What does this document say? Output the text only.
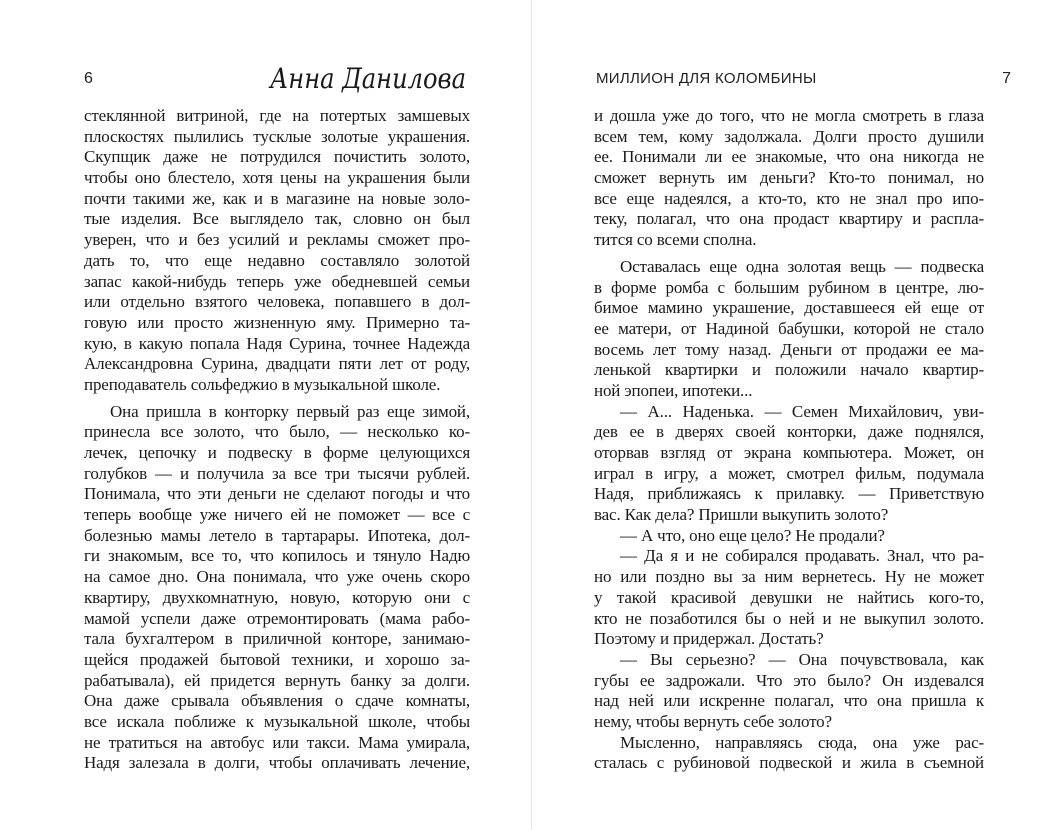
6	Анна Данилова
стеклянной витриной, где на потертых замшевых
плоскостях пылились тусклые золотые украшения.
Скупщик даже не потрудился почистить золото,
чтобы оно блестело, хотя цены на украшения были
почти такими же, как и в магазине на новые золо-
тые изделия. Все выглядело так, словно он был
уверен, что и без усилий и рекламы сможет про-
дать то, что еще недавно составляло золотой
запас какой-нибудь теперь уже обедневшей семьи
или отдельно взятого человека, попавшего в дол-
говую или просто жизненную яму. Примерно та-
кую, в какую попала Надя Сурина, точнее Надежда
Александровна Сурина, двадцати пяти лет от роду,
преподаватель сольфеджио в музыкальной школе.
Она пришла в конторку первый раз еще зимой,
принесла все золото, что было, — несколько ко-
лечек, цепочку и подвеску в форме целующихся
голубков — и получила за все три тысячи рублей.
Понимала, что эти деньги не сделают погоды и что
теперь вообще уже ничего ей не поможет — все с
болезнью мамы летело в тартарары. Ипотека, дол-
ги знакомым, все то, что копилось и тянуло Надю
на самое дно. Она понимала, что уже очень скоро
квартиру, двухкомнатную, новую, которую они с
мамой успели даже отремонтировать (мама рабо-
тала бухгалтером в приличной конторе, занимаю-
щейся продажей бытовой техники, и хорошо за-
рабатывала), ей придется вернуть банку за долги.
Она даже срывала объявления о сдаче комнаты,
все искала поближе к музыкальной школе, чтобы
не тратиться на автобус или такси. Мама умирала,
Надя залезала в долги, чтобы оплачивать лечение,
МИЛЛИОН ДЛЯ КОЛОМБИНЫ	7
и дошла уже до того, что не могла смотреть в глаза
всем тем, кому задолжала. Долги просто душили
ее. Понимали ли ее знакомые, что она никогда не
сможет вернуть им деньги? Кто-то понимал, но
все еще надеялся, а кто-то, кто не знал про ипо-
теку, полагал, что она продаст квартиру и распла-
тится со всеми сполна.
Оставалась еще одна золотая вещь — подвеска
в форме ромба с большим рубином в центре, лю-
бимое мамино украшение, доставшееся ей еще от
ее матери, от Надиной бабушки, которой не стало
восемь лет тому назад. Деньги от продажи ее ма-
ленькой квартирки и положили начало квартир-
ной эпопеи, ипотеки...
— А... Наденька. — Семен Михайлович, уви-
дев ее в дверях своей конторки, даже поднялся,
оторвав взгляд от экрана компьютера. Может, он
играл в игру, а может, смотрел фильм, подумала
Надя, приближаясь к прилавку. — Приветствую
вас. Как дела? Пришли выкупить золото?
— А что, оно еще цело? Не продали?
— Да я и не собирался продавать. Знал, что ра-
но или поздно вы за ним вернетесь. Ну не может
у такой красивой девушки не найтись кого-то,
кто не позаботился бы о ней и не выкупил золото.
Поэтому и придержал. Достать?
— Вы серьезно? — Она почувствовала, как
губы ее задрожали. Что это было? Он издевался
над ней или искренне полагал, что она пришла к
нему, чтобы вернуть себе золото?
Мысленно, направляясь сюда, она уже рас-
сталась с рубиновой подвеской и жила в съемной
